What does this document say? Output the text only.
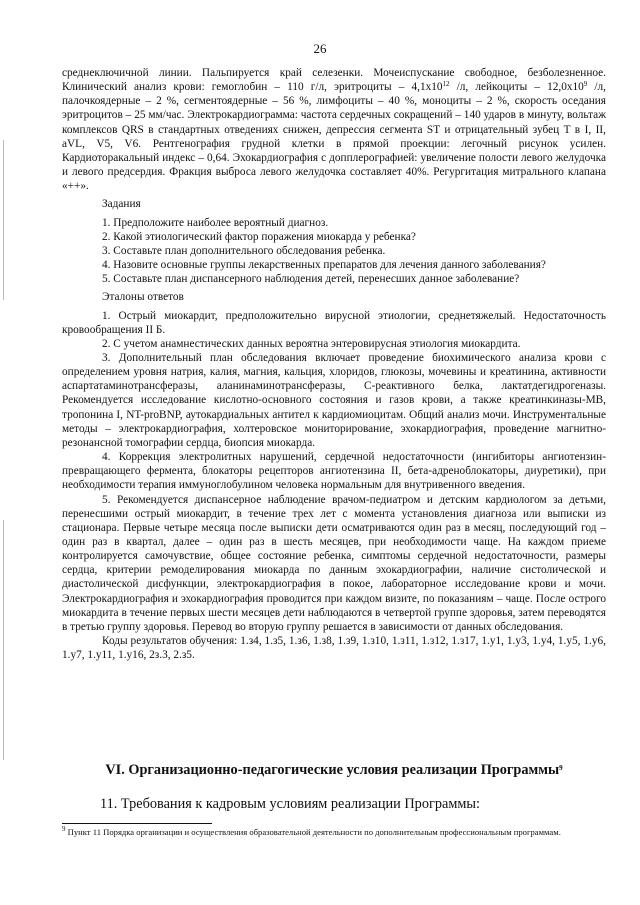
26

среднеключичной линии. Пальпируется край селезенки. Мочеиспускание свободное, безболезненное. Клинический анализ крови: гемоглобин – 110 г/л, эритроциты – $4,1x10^{12}$ /л, лейкоциты – $12,0x10^9$ /л, палочкоядерные – 2 %, сегментоядерные – 56 %, лимфоциты – 40 %, моноциты – 2 %, скорость оседания эритроцитов – 25 мм/час. Электрокардиограмма: частота сердечных сокращений – 140 ударов в минуту, вольтаж комплексов QRS в стандартных отведениях снижен, депрессия сегмента ST и отрицательный зубец T в I, II, aVL, V5, V6. Рентгенография грудной клетки в прямой проекции: легочный рисунок усилен. Кардиоторакальный индекс – 0,64. Эхокардиография с допплерографией: увеличение полости левого желудочка и левого предсердия. Фракция выброса левого желудочка составляет 40%. Регургитация митрального клапана «++».

Задания

1. Предположите наиболее вероятный диагноз.

2. Какой этиологический фактор поражения миокарда у ребенка?

3. Составьте план дополнительного обследования ребенка.

4. Назовите основные группы лекарственных препаратов для лечения данного заболевания?

5. Составьте план диспансерного наблюдения детей, перенесших данное заболевание?

Эталоны ответов

1. Острый миокардит, предположительно вирусной этиологии, среднетяжелый. Недостаточность кровообращения II Б.

2. С учетом анамнестических данных вероятна энтеровирусная этиология миокардита.

3. Дополнительный план обследования включает проведение биохимического анализа крови с определением уровня натрия, калия, магния, кальция, хлоридов, глюкозы, мочевины и креатинина, активности аспартатаминотрансферазы, аланинаминотрансферазы, С-реактивного белка, лактатдегидрогеназы. Рекомендуется исследование кислотно-основного состояния и газов крови, а также креатинкиназы-МВ, тропонина I, NT-proBNP, аутокардиальных антител к кардиомиоцитам. Общий анализ мочи. Инструментальные методы – электрокардиография, холтеровское мониторирование, эхокардиография, проведение магнитно-резонансной томографии сердца, биопсия миокарда.

4. Коррекция электролитных нарушений, сердечной недостаточности (ингибиторы ангиотензин-превращающего фермента, блокаторы рецепторов ангиотензина II, бета-адреноблокаторы, диуретики), при необходимости терапия иммуноглобулином человека нормальным для внутривенного введения.

5. Рекомендуется диспансерное наблюдение врачом-педиатром и детским кардиологом за детьми, перенесшими острый миокардит, в течение трех лет с момента установления диагноза или выписки из стационара. Первые четыре месяца после выписки дети осматриваются один раз в месяц, последующий год – один раз в квартал, далее – один раз в шесть месяцев, при необходимости чаще. На каждом приеме контролируется самочувствие, общее состояние ребенка, симптомы сердечной недостаточности, размеры сердца, критерии ремоделирования миокарда по данным эхокардиографии, наличие систолической и диастолической дисфункции, электрокардиография в покое, лабораторное исследование крови и мочи. Электрокардиография и эхокардиография проводится при каждом визите, по показаниям – чаще. После острого миокардита в течение первых шести месяцев дети наблюдаются в четвертой группе здоровья, затем переводятся в третью группу здоровья. Перевод во вторую группу решается в зависимости от данных обследования.

Коды результатов обучения: 1.з4, 1.з5, 1.з6, 1.з8, 1.з9, 1.з10, 1.з11, 1.з12, 1.з17, 1.у1, 1.у3, 1.у4, 1.у5, 1.у6, 1.у7, 1.у11, 1.у16, 2з.3, 2.з5.

VI. Организационно-педагогические условия реализации Программы$^9$
11. Требования к кадровым условиям реализации Программы:
$^9$ Пункт 11 Порядка организации и осуществления образовательной деятельности по дополнительным профессиональным программам.
